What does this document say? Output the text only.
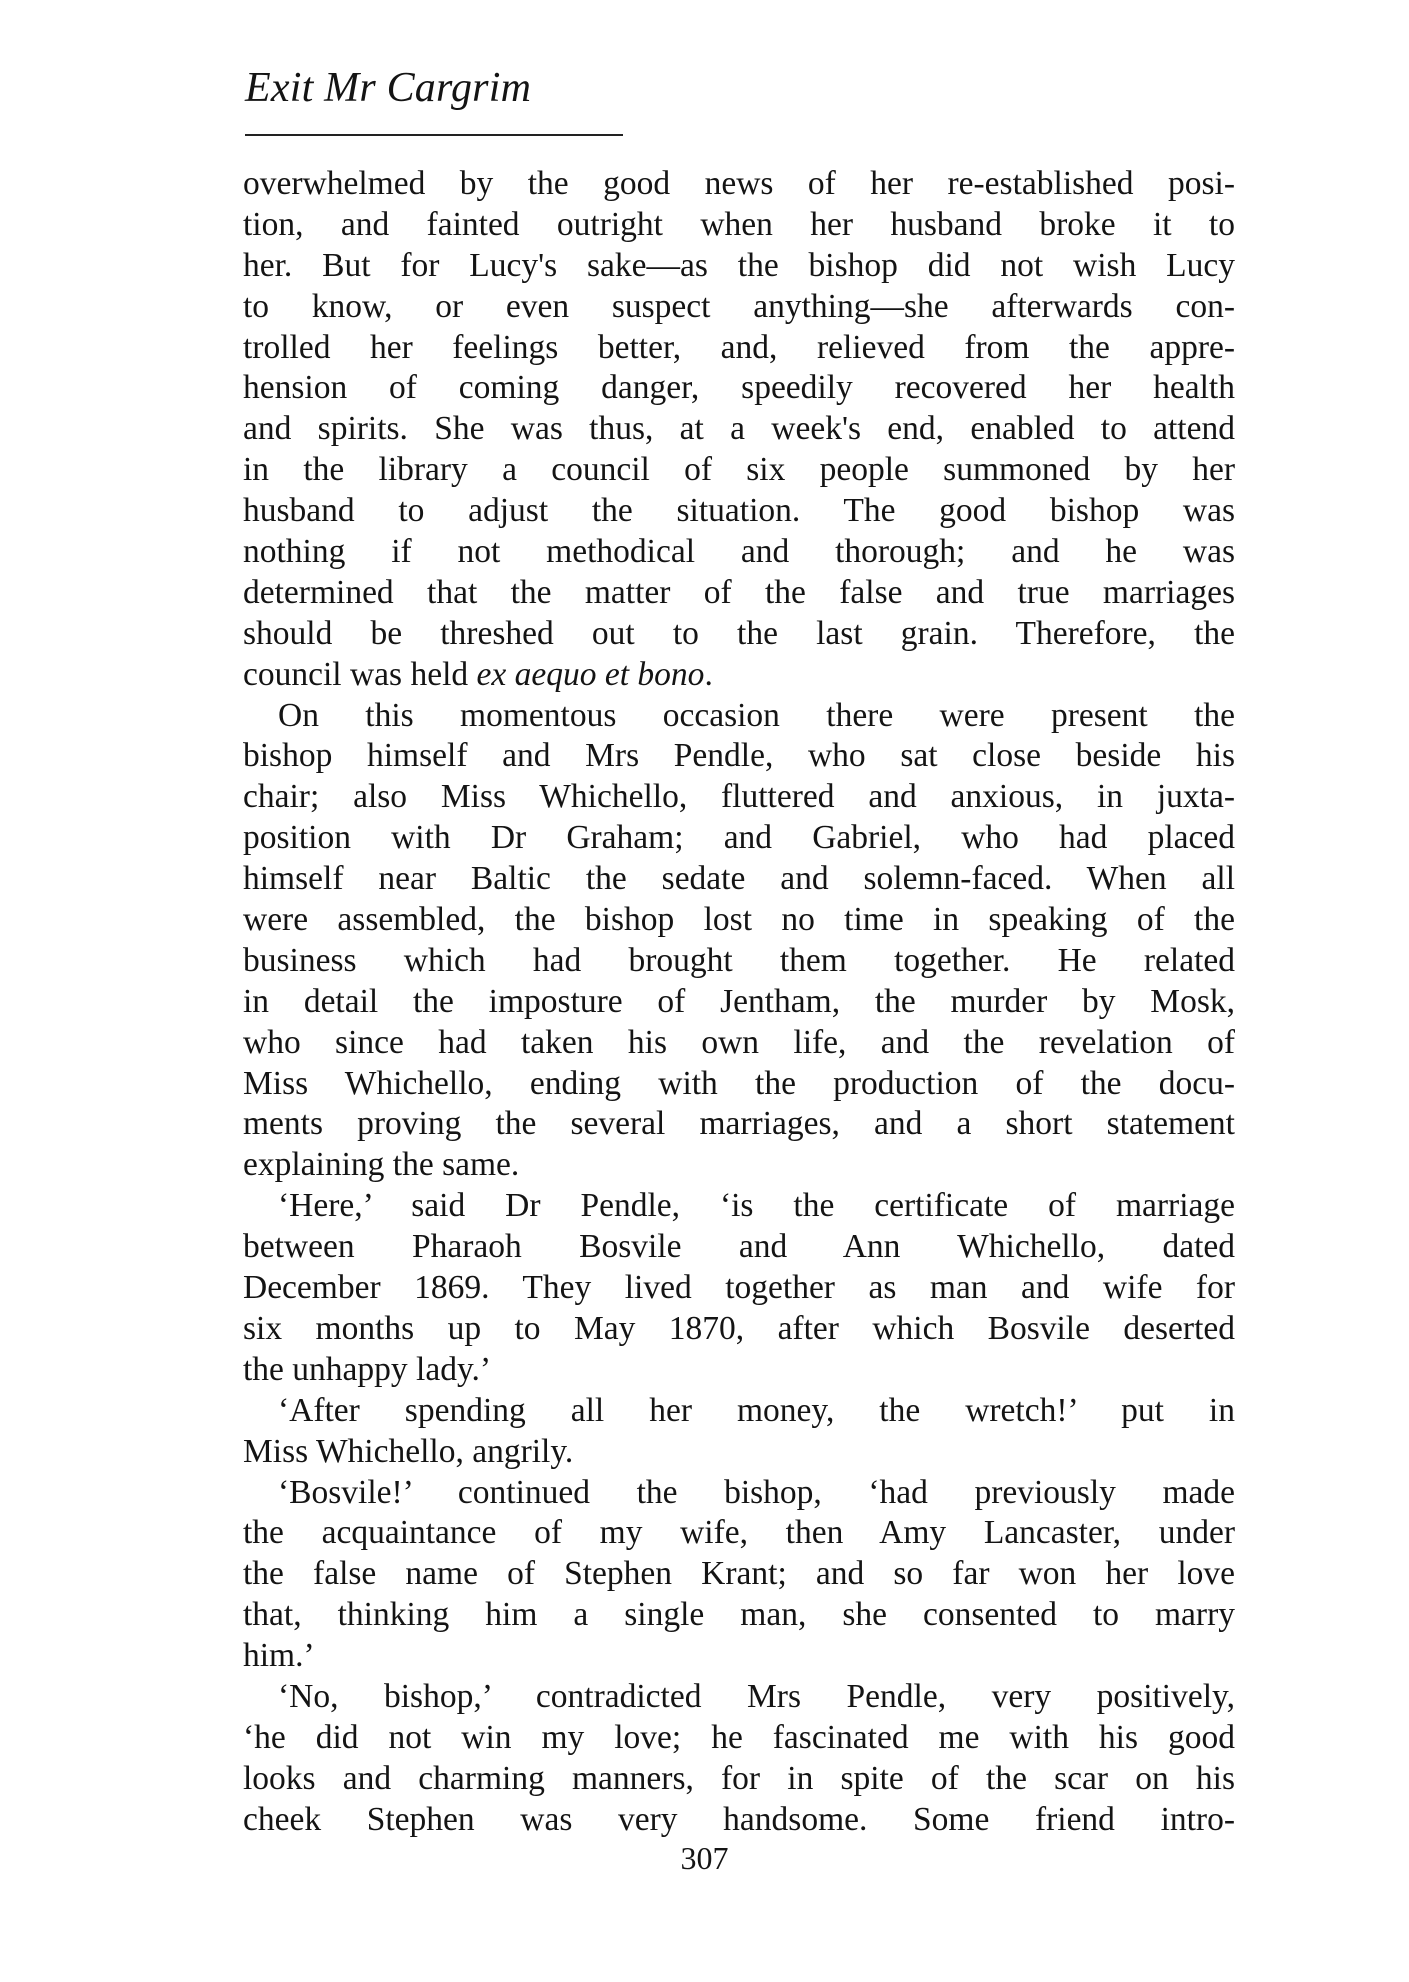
Exit Mr Cargrim
overwhelmed by the good news of her re-established posi-
tion, and fainted outright when her husband broke it to
her. But for Lucy's sake—as the bishop did not wish Lucy
to know, or even suspect anything—she afterwards con-
trolled her feelings better, and, relieved from the appre-
hension of coming danger, speedily recovered her health
and spirits. She was thus, at a week's end, enabled to attend
in the library a council of six people summoned by her
husband to adjust the situation. The good bishop was
nothing if not methodical and thorough; and he was
determined that the matter of the false and true marriages
should be threshed out to the last grain. Therefore, the
council was held ex aequo et bono.
On this momentous occasion there were present the
bishop himself and Mrs Pendle, who sat close beside his
chair; also Miss Whichello, fluttered and anxious, in juxta-
position with Dr Graham; and Gabriel, who had placed
himself near Baltic the sedate and solemn-faced. When all
were assembled, the bishop lost no time in speaking of the
business which had brought them together. He related
in detail the imposture of Jentham, the murder by Mosk,
who since had taken his own life, and the revelation of
Miss Whichello, ending with the production of the docu-
ments proving the several marriages, and a short statement
explaining the same.
‘Here,’ said Dr Pendle, ‘is the certificate of marriage
between Pharaoh Bosvile and Ann Whichello, dated
December 1869. They lived together as man and wife for
six months up to May 1870, after which Bosvile deserted
the unhappy lady.’
‘After spending all her money, the wretch!’ put in
Miss Whichello, angrily.
‘Bosvile!’ continued the bishop, ‘had previously made
the acquaintance of my wife, then Amy Lancaster, under
the false name of Stephen Krant; and so far won her love
that, thinking him a single man, she consented to marry
him.’
‘No, bishop,’ contradicted Mrs Pendle, very positively,
‘he did not win my love; he fascinated me with his good
looks and charming manners, for in spite of the scar on his
cheek Stephen was very handsome. Some friend intro-
307
